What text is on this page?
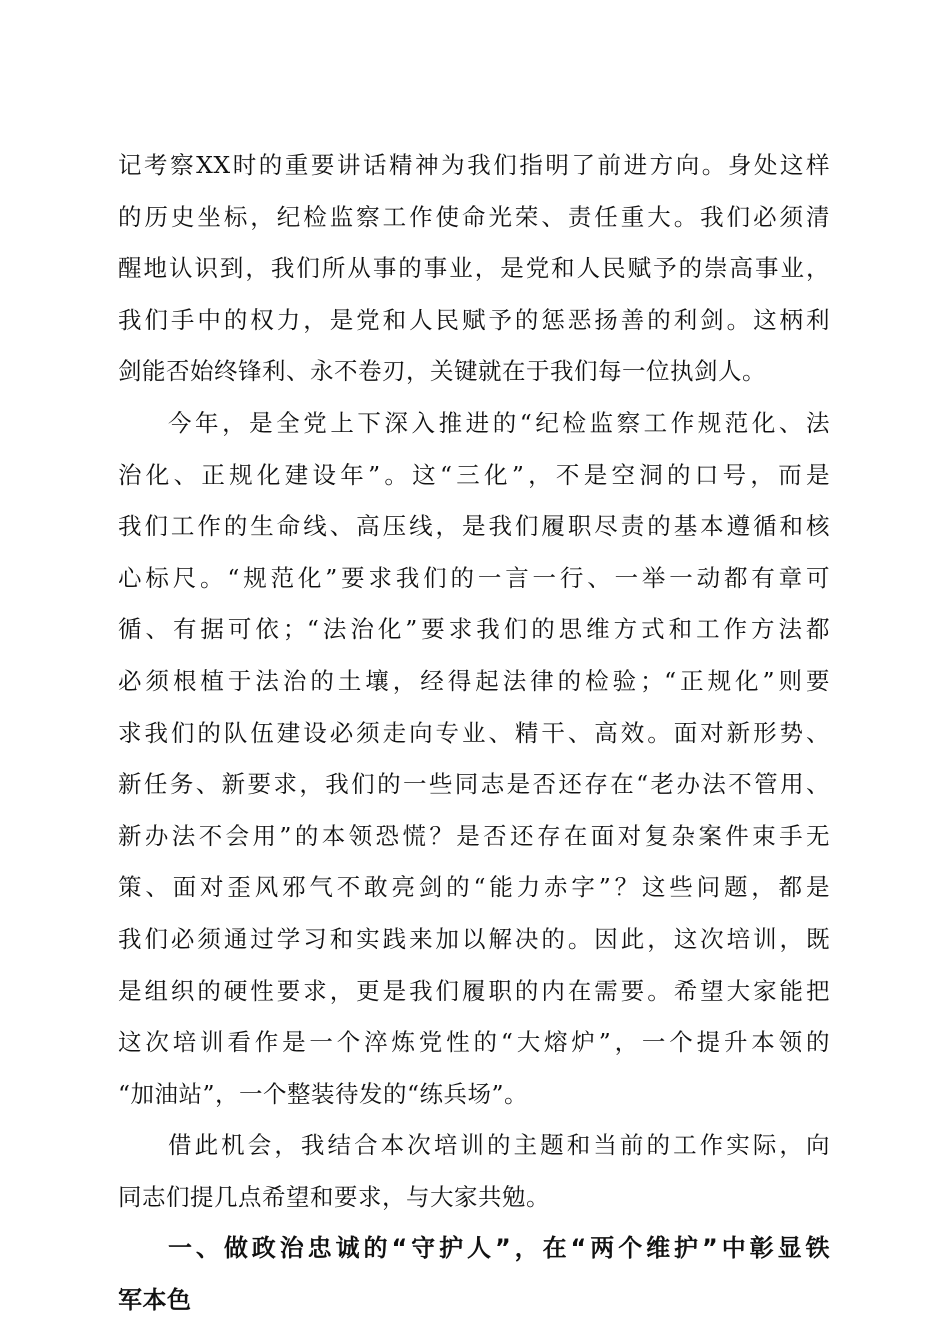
记考察XX时的重要讲话精神为我们指明了前进方向。身处这样
的历史坐标，纪检监察工作使命光荣、责任重大。我们必须清
醒地认识到，我们所从事的事业，是党和人民赋予的崇高事业，
我们手中的权力，是党和人民赋予的惩恶扬善的利剑。这柄利
剑能否始终锋利、永不卷刃，关键就在于我们每一位执剑人。
今年，是全党上下深入推进的“纪检监察工作规范化、法
治化、正规化建设年”。这“三化”，不是空洞的口号，而是
我们工作的生命线、高压线，是我们履职尽责的基本遵循和核
心标尺。“规范化”要求我们的一言一行、一举一动都有章可
循、有据可依；“法治化”要求我们的思维方式和工作方法都
必须根植于法治的土壤，经得起法律的检验；“正规化”则要
求我们的队伍建设必须走向专业、精干、高效。面对新形势、
新任务、新要求，我们的一些同志是否还存在“老办法不管用、
新办法不会用”的本领恐慌？是否还存在面对复杂案件束手无
策、面对歪风邪气不敢亮剑的“能力赤字”？这些问题，都是
我们必须通过学习和实践来加以解决的。因此，这次培训，既
是组织的硬性要求，更是我们履职的内在需要。希望大家能把
这次培训看作是一个淬炼党性的“大熔炉”，一个提升本领的
“加油站”，一个整装待发的“练兵场”。
借此机会，我结合本次培训的主题和当前的工作实际，向
同志们提几点希望和要求，与大家共勉。
一、做政治忠诚的“守护人”，在“两个维护”中彰显铁
军本色
